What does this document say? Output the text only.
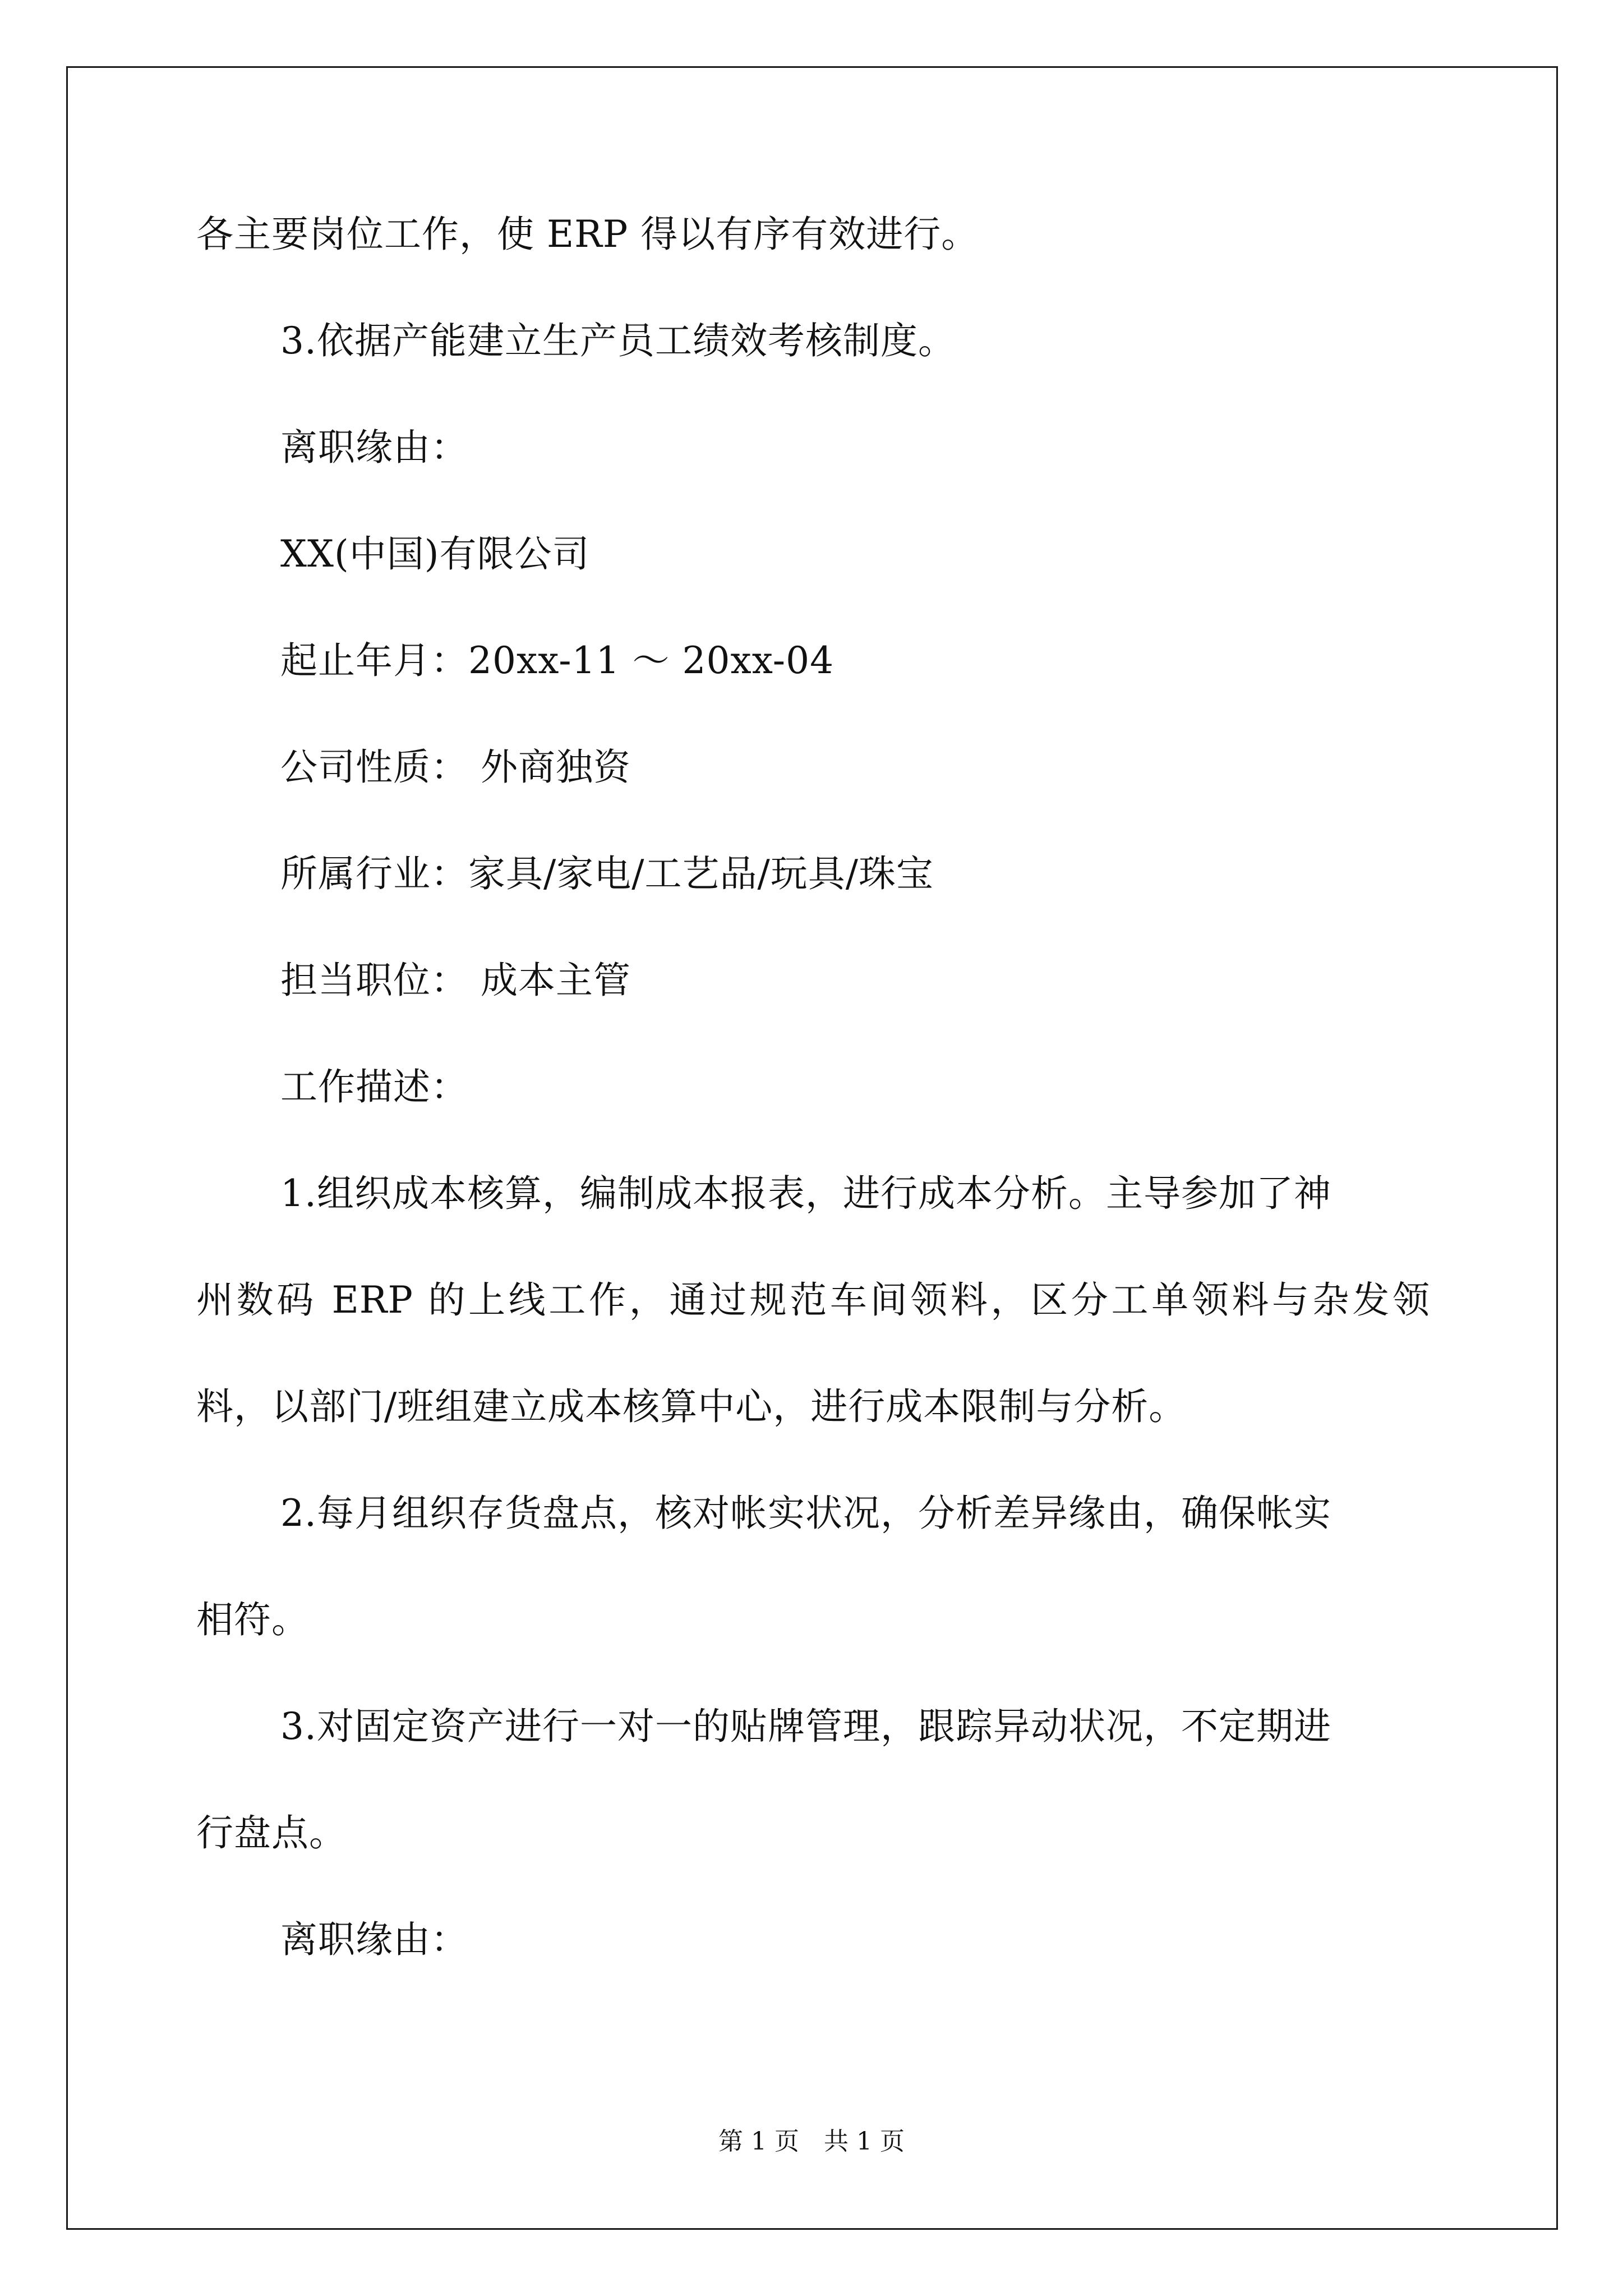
各主要岗位工作，使 ERP 得以有序有效进行。
3.依据产能建立生产员工绩效考核制度。
离职缘由：
XX(中国)有限公司
起止年月：20xx-11 ～ 20xx-04
公司性质： 外商独资
所属行业：家具/家电/工艺品/玩具/珠宝
担当职位： 成本主管
工作描述：
1.组织成本核算，编制成本报表，进行成本分析。主导参加了神
州数码 ERP 的上线工作，通过规范车间领料，区分工单领料与杂发领
料，以部门/班组建立成本核算中心，进行成本限制与分析。
2.每月组织存货盘点，核对帐实状况，分析差异缘由，确保帐实
相符。
3.对固定资产进行一对一的贴牌管理，跟踪异动状况，不定期进
行盘点。
离职缘由：
第 1 页　共 1 页
